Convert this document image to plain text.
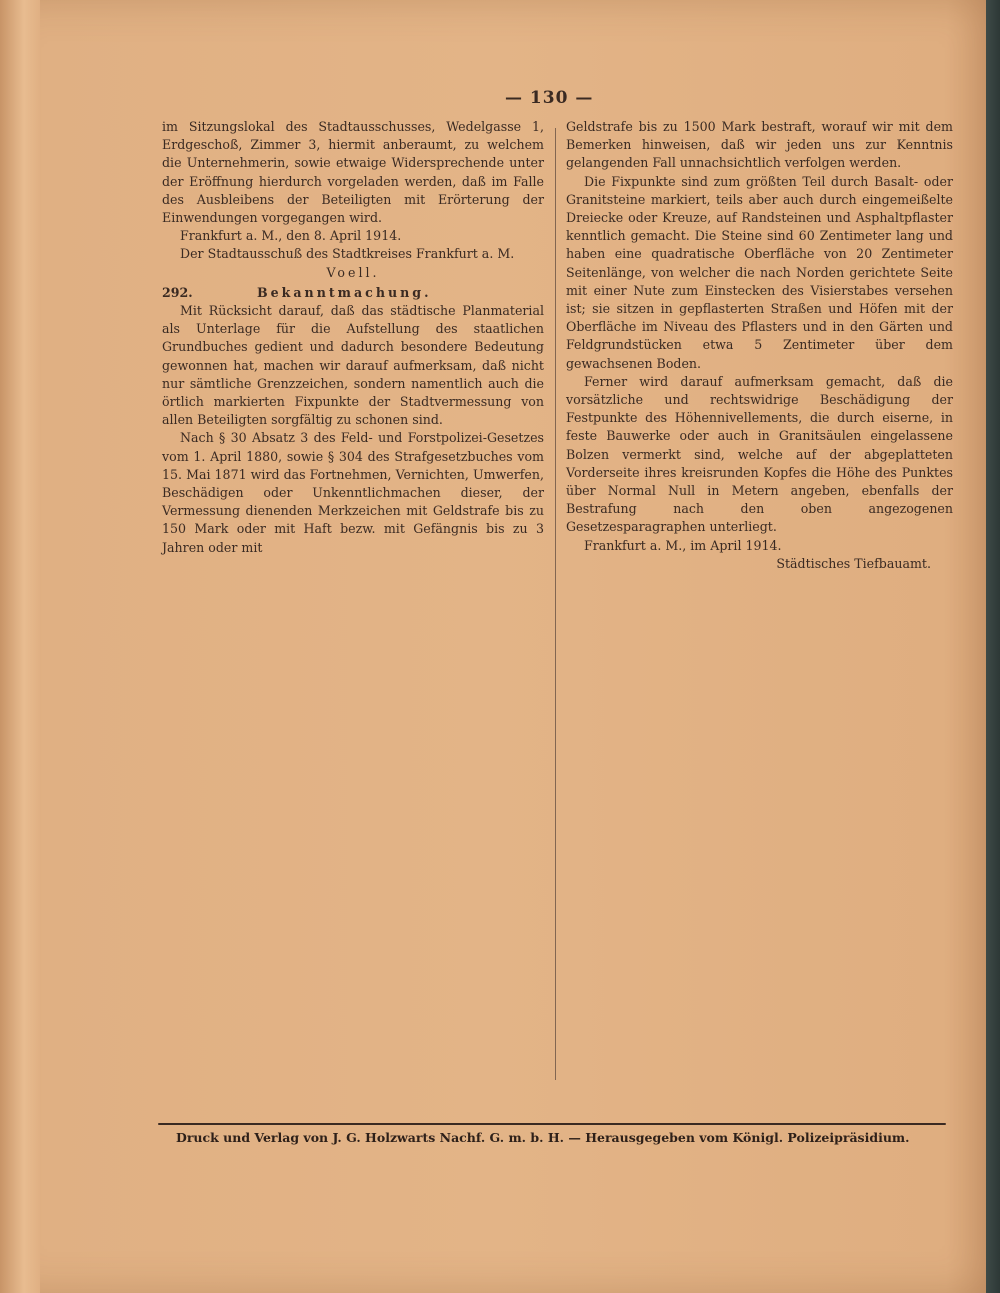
— 130 —

im Sitzungslokal des Stadtausschusses, Wedelgasse 1, Erdgeschoß, Zimmer 3, hiermit anberaumt, zu welchem die Unternehmerin, sowie etwaige Widersprechende unter der Eröffnung hierdurch vorgeladen werden, daß im Falle des Ausbleibens der Beteiligten mit Erörterung der Einwendungen vorgegangen wird.

Frankfurt a. M., den 8. April 1914.

Der Stadtausschuß des Stadtkreises Frankfurt a. M.

Voell.

292.	Bekanntmachung.

Mit Rücksicht darauf, daß das städtische Planmaterial als Unterlage für die Aufstellung des staatlichen Grundbuches gedient und dadurch besondere Bedeutung gewonnen hat, machen wir darauf aufmerksam, daß nicht nur sämtliche Grenzzeichen, sondern namentlich auch die örtlich markierten Fixpunkte der Stadtvermessung von allen Beteiligten sorgfältig zu schonen sind.

Nach § 30 Absatz 3 des Feld- und Forstpolizei-Gesetzes vom 1. April 1880, sowie § 304 des Strafgesetzbuches vom 15. Mai 1871 wird das Fortnehmen, Vernichten, Umwerfen, Beschädigen oder Unkenntlichmachen dieser, der Vermessung dienenden Merkzeichen mit Geldstrafe bis zu 150 Mark oder mit Haft bezw. mit Gefängnis bis zu 3 Jahren oder mit

Geldstrafe bis zu 1500 Mark bestraft, worauf wir mit dem Bemerken hinweisen, daß wir jeden uns zur Kenntnis gelangenden Fall unnachsichtlich verfolgen werden.

Die Fixpunkte sind zum größten Teil durch Basalt- oder Granitsteine markiert, teils aber auch durch eingemeißelte Dreiecke oder Kreuze, auf Randsteinen und Asphaltpflaster kenntlich gemacht. Die Steine sind 60 Zentimeter lang und haben eine quadratische Oberfläche von 20 Zentimeter Seitenlänge, von welcher die nach Norden gerichtete Seite mit einer Nute zum Einstecken des Visierstabes versehen ist; sie sitzen in gepflasterten Straßen und Höfen mit der Oberfläche im Niveau des Pflasters und in den Gärten und Feldgrundstücken etwa 5 Zentimeter über dem gewachsenen Boden.

Ferner wird darauf aufmerksam gemacht, daß die vorsätzliche und rechtswidrige Beschädigung der Festpunkte des Höhennivellements, die durch eiserne, in feste Bauwerke oder auch in Granitsäulen eingelassene Bolzen vermerkt sind, welche auf der abgeplatteten Vorderseite ihres kreisrunden Kopfes die Höhe des Punktes über Normal Null in Metern angeben, ebenfalls der Bestrafung nach den oben angezogenen Gesetzesparagraphen unterliegt.

Frankfurt a. M., im April 1914.

Städtisches Tiefbauamt.

Druck und Verlag von J. G. Holzwarts Nachf. G. m. b. H. — Herausgegeben vom Königl. Polizeipräsidium.
